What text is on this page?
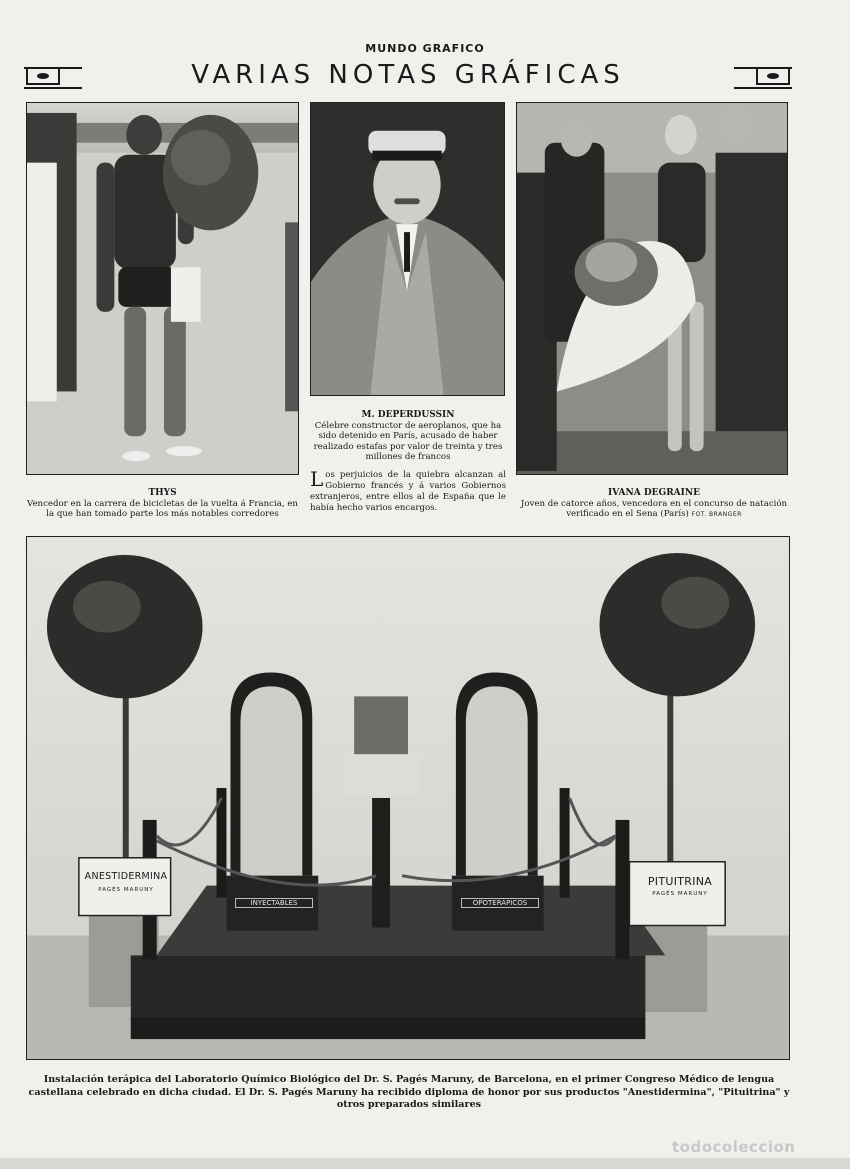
MUNDO GRAFICO
VARIAS NOTAS GRÁFICAS
THYS
Vencedor en la carrera de bicicletas de la vuelta á Francia, en la que han tomado parte los más notables corredores
M. DEPERDUSSIN
Célebre constructor de aeroplanos, que ha sido detenido en París, acusado de haber realizado estafas por valor de treinta y tres millones de francos
Los perjuicios de la quiebra alcanzan al Gobierno francés y á varios Gobiernos extranjeros, entre ellos al de España que le había hecho varios encargos.
IVANA DEGRAINE
Joven de catorce años, vencedora en el concurso de natación verificado en el Sena (París) FOT. BRANGER
ANESTIDERMINA
PAGÉS MARUNY
PITUITRINA
PAGÉS MARUNY
INYECTABLES	OPOTERÁPICOS
Instalación terápica del Laboratorio Químico Biológico del Dr. S. Pagés Maruny, de Barcelona, en el primer Congreso Médico de lengua castellana celebrado en dicha ciudad. El Dr. S. Pagés Maruny ha recibido diploma de honor por sus productos "Anestidermina", "Pituitrina" y otros preparados similares
todocoleccion
